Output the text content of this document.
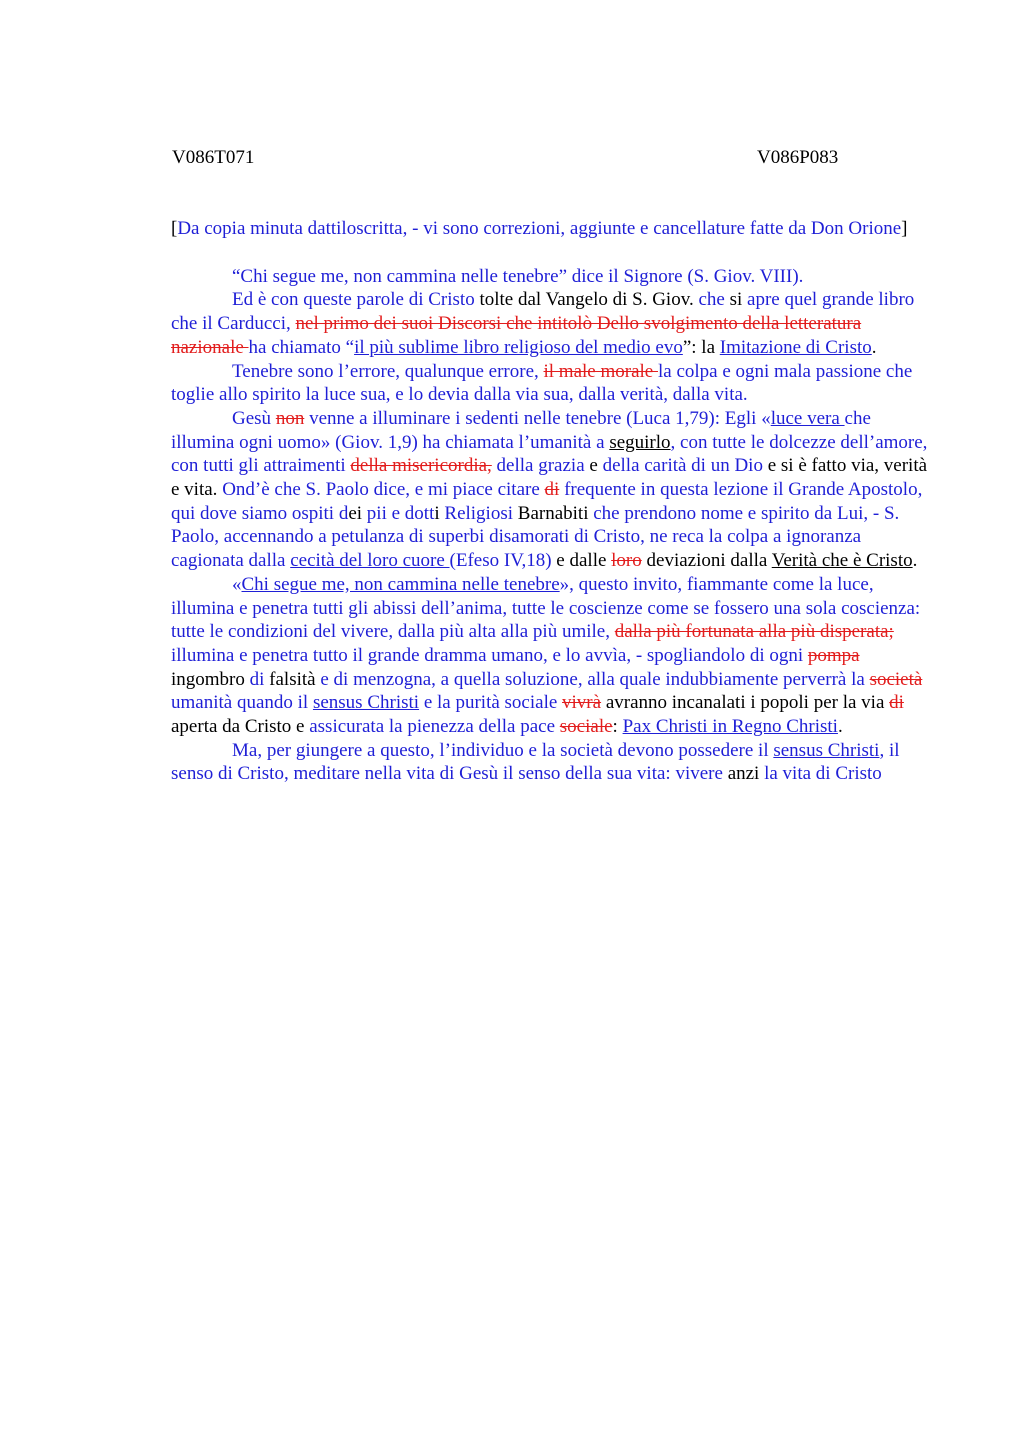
V086T071	V086P083

[Da copia minuta dattiloscritta, - vi sono correzioni, aggiunte e cancellature fatte da Don Orione]

“Chi segue me, non cammina nelle tenebre” dice il Signore (S. Giov. VIII).

Ed è con queste parole di Cristo tolte dal Vangelo di S. Giov. che si apre quel grande libro che il Carducci, nel primo dei suoi Discorsi che intitolò Dello svolgimento della letteratura nazionale ha chiamato “il più sublime libro religioso del medio evo”: la Imitazione di Cristo.

Tenebre sono l’errore, qualunque errore, il male morale la colpa e ogni mala passione che toglie allo spirito la luce sua, e lo devia dalla via sua, dalla verità, dalla vita.

Gesù non venne a illuminare i sedenti nelle tenebre (Luca 1,79): Egli «luce vera che illumina ogni uomo» (Giov. 1,9) ha chiamata l’umanità a seguirlo, con tutte le dolcezze dell’amore, con tutti gli attraimenti della misericordia, della grazia e della carità di un Dio e si è fatto via, verità e vita. Ond’è che S. Paolo dice, e mi piace citare di frequente in questa lezione il Grande Apostolo, qui dove siamo ospiti dei pii e dotti Religiosi Barnabiti che prendono nome e spirito da Lui, - S. Paolo, accennando a petulanza di superbi disamorati di Cristo, ne reca la colpa a ignoranza cagionata dalla cecità del loro cuore (Efeso IV,18) e dalle loro deviazioni dalla Verità che è Cristo.

«Chi segue me, non cammina nelle tenebre», questo invito, fiammante come la luce, illumina e penetra tutti gli abissi dell’anima, tutte le coscienze come se fossero una sola coscienza: tutte le condizioni del vivere, dalla più alta alla più umile, dalla più fortunata alla più disperata; illumina e penetra tutto il grande dramma umano, e lo avvìa, - spogliandolo di ogni pompa ingombro di falsità e di menzogna, a quella soluzione, alla quale indubbiamente perverrà la società umanità quando il sensus Christi e la purità sociale vivrà avranno incanalati i popoli per la via di aperta da Cristo e assicurata la pienezza della pace sociale: Pax Christi in Regno Christi.

Ma, per giungere a questo, l’individuo e la società devono possedere il sensus Christi, il senso di Cristo, meditare nella vita di Gesù il senso della sua vita: vivere anzi la vita di Cristo
